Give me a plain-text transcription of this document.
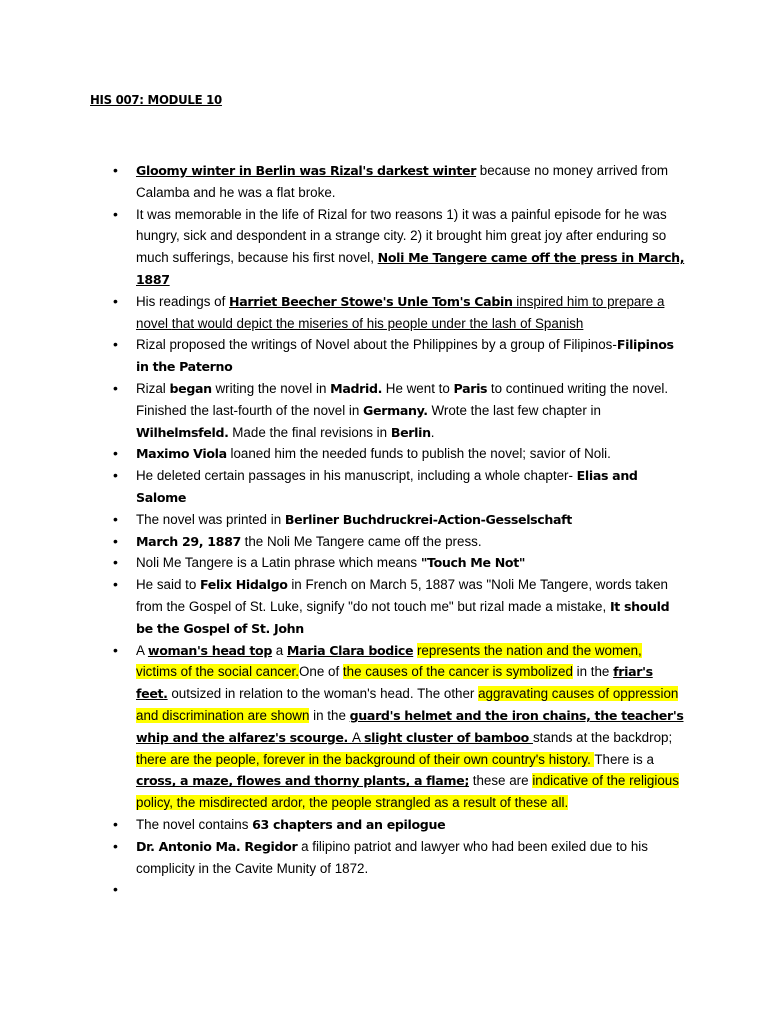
HIS 007: MODULE 10
• Gloomy winter in Berlin was Rizal's darkest winter because no money arrived from Calamba and he was a flat broke.
• It was memorable in the life of Rizal for two reasons 1) it was a painful episode for he was hungry, sick and despondent in a strange city. 2) it brought him great joy after enduring so much sufferings, because his first novel, Noli Me Tangere came off the press in March, 1887
• His readings of Harriet Beecher Stowe's Unle Tom's Cabin inspired him to prepare a novel that would depict the miseries of his people under the lash of Spanish
• Rizal proposed the writings of Novel about the Philippines by a group of Filipinos-Filipinos in the Paterno
• Rizal began writing the novel in Madrid. He went to Paris to continued writing the novel. Finished the last-fourth of the novel in Germany. Wrote the last few chapter in Wilhelmsfeld. Made the final revisions in Berlin.
• Maximo Viola loaned him the needed funds to publish the novel; savior of Noli.
• He deleted certain passages in his manuscript, including a whole chapter- Elias and Salome
• The novel was printed in Berliner Buchdruckrei-Action-Gesselschaft
• March 29, 1887 the Noli Me Tangere came off the press.
• Noli Me Tangere is a Latin phrase which means "Touch Me Not"
• He said to Felix Hidalgo in French on March 5, 1887 was "Noli Me Tangere, words taken from the Gospel of St. Luke, signify "do not touch me" but rizal made a mistake, It should be the Gospel of St. John
• A woman's head top a Maria Clara bodice represents the nation and the women, victims of the social cancer.One of the causes of the cancer is symbolized in the friar's feet. outsized in relation to the woman's head. The other aggravating causes of oppression and discrimination are shown in the guard's helmet and the iron chains, the teacher's whip and the alfarez's scourge. A slight cluster of bamboo stands at the backdrop; there are the people, forever in the background of their own country's history. There is a cross, a maze, flowes and thorny plants, a flame; these are indicative of the religious policy, the misdirected ardor, the people strangled as a result of these all.
• The novel contains 63 chapters and an epilogue
• Dr. Antonio Ma. Regidor a filipino patriot and lawyer who had been exiled due to his complicity in the Cavite Munity of 1872.
•
